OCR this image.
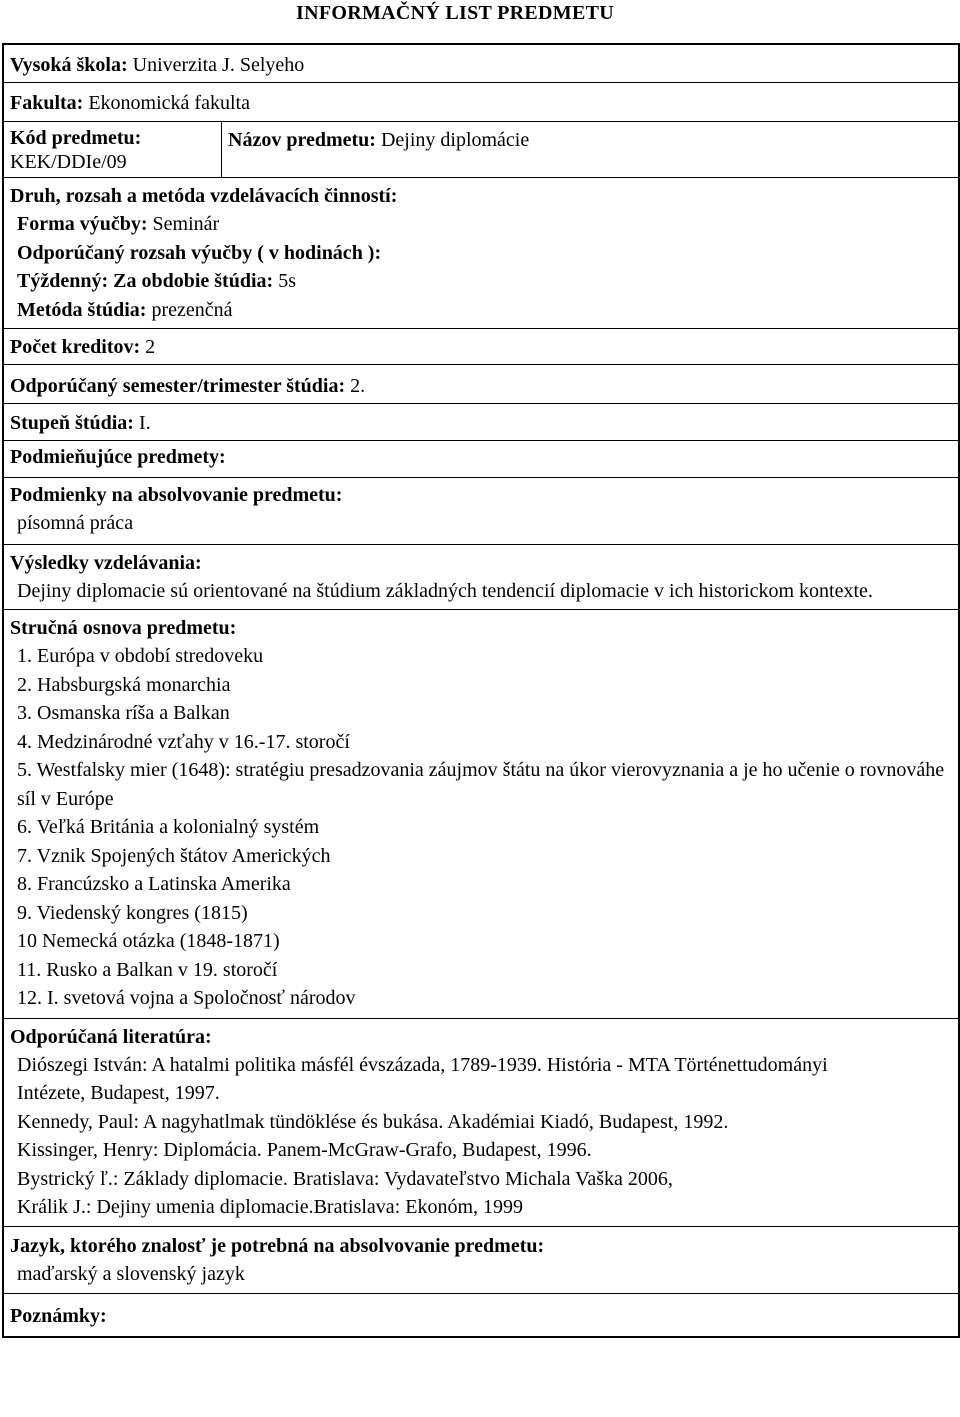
INFORMAČNÝ LIST PREDMETU
Vysoká škola: Univerzita J. Selyeho
Fakulta: Ekonomická fakulta
Kód predmetu:
KEK/DDIe/09
Názov predmetu: Dejiny diplomácie
Druh, rozsah a metóda vzdelávacích činností:
Forma výučby: Seminár
Odporúčaný rozsah výučby ( v hodinách ):
Týždenný: Za obdobie štúdia: 5s
Metóda štúdia: prezenčná
Počet kreditov: 2
Odporúčaný semester/trimester štúdia: 2.
Stupeň štúdia: I.
Podmieňujúce predmety:
Podmienky na absolvovanie predmetu:
písomná práca
Výsledky vzdelávania:
Dejiny diplomacie sú orientované na štúdium základných tendencií diplomacie v ich historickom kontexte.
Stručná osnova predmetu:
1. Európa v období stredoveku
2. Habsburgská monarchia
3. Osmanska ríša a Balkan
4. Medzinárodné vzťahy v 16.-17. storočí
5. Westfalsky mier (1648): stratégiu presadzovania záujmov štátu na úkor vierovyznania a je ho učenie o rovnováhe síl v Európe
6. Veľká Británia a kolonialný systém
7. Vznik Spojených štátov Amerických
8. Francúzsko a Latinska Amerika
9. Viedenský kongres (1815)
10 Nemecká otázka (1848-1871)
11. Rusko a Balkan v 19. storočí
12. I. svetová vojna a Spoločnosť národov
Odporúčaná literatúra:
Diószegi István: A hatalmi politika másfél évszázada, 1789-1939. História - MTA Történettudományi Intézete, Budapest, 1997.
Kennedy, Paul: A nagyhatlmak tündöklése és bukása. Akadémiai Kiadó, Budapest, 1992.
Kissinger, Henry: Diplomácia. Panem-McGraw-Grafo, Budapest, 1996.
Bystrický ľ.: Základy diplomacie. Bratislava: Vydavateľstvo Michala Vaška 2006,
Králik J.: Dejiny umenia diplomacie.Bratislava: Ekonóm, 1999
Jazyk, ktorého znalosť je potrebná na absolvovanie predmetu:
maďarský a slovenský jazyk
Poznámky:
